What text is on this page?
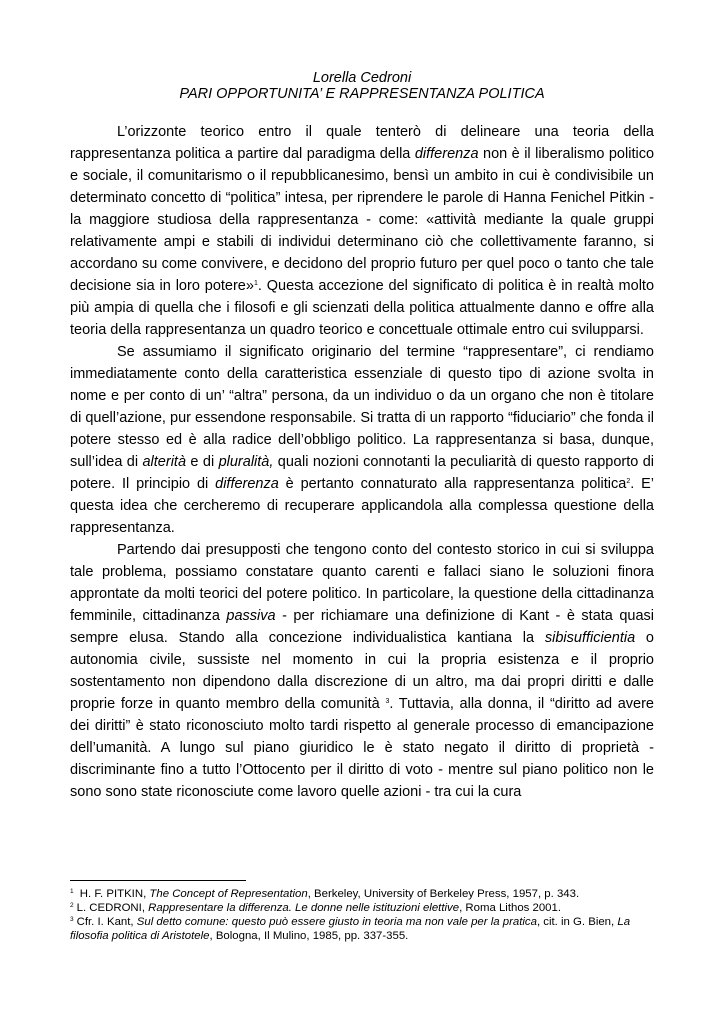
Lorella Cedroni
PARI OPPORTUNITA’ E RAPPRESENTANZA POLITICA

L’orizzonte teorico entro il quale tenterò di delineare una teoria della rappresentanza politica a partire dal paradigma della differenza non è il liberalismo politico e sociale, il comunitarismo o il repubblicanesimo, bensì un ambito in cui è condivisibile un determinato concetto di “politica” intesa, per riprendere le parole di Hanna Fenichel Pitkin - la maggiore studiosa della rappresentanza - come: «attività mediante la quale gruppi relativamente ampi e stabili di individui determinano ciò che collettivamente faranno, si accordano su come convivere, e decidono del proprio futuro per quel poco o tanto che tale decisione sia in loro potere»$^1$. Questa accezione del significato di politica è in realtà molto più ampia di quella che i filosofi e gli scienzati della politica attualmente danno e offre alla teoria della rappresentanza un quadro teorico e concettuale ottimale entro cui svilupparsi.

Se assumiamo il significato originario del termine “rappresentare”, ci rendiamo immediatamente conto della caratteristica essenziale di questo tipo di azione svolta in nome e per conto di un’ “altra” persona, da un individuo o da un organo che non è titolare di quell’azione, pur essendone responsabile. Si tratta di un rapporto “fiduciario” che fonda il potere stesso ed è alla radice dell’obbligo politico. La rappresentanza si basa, dunque, sull’idea di alterità e di pluralità, quali nozioni connotanti la peculiarità di questo rapporto di potere. Il principio di differenza è pertanto connaturato alla rappresentanza politica$^2$. E’ questa idea che cercheremo di recuperare applicandola alla complessa questione della rappresentanza.

Partendo dai presupposti che tengono conto del contesto storico in cui si sviluppa tale problema, possiamo constatare quanto carenti e fallaci siano le soluzioni finora approntate da molti teorici del potere politico. In particolare, la questione della cittadinanza femminile, cittadinanza passiva - per richiamare una definizione di Kant - è stata quasi sempre elusa. Stando alla concezione individualistica kantiana la sibisufficientia o autonomia civile, sussiste nel momento in cui la propria esistenza e il proprio sostentamento non dipendono dalla discrezione di un altro, ma dai propri diritti e dalle proprie forze in quanto membro della comunità $^3$. Tuttavia, alla donna, il “diritto ad avere dei diritti” è stato riconosciuto molto tardi rispetto al generale processo di emancipazione dell’umanità. A lungo sul piano giuridico le è stato negato il diritto di proprietà - discriminante fino a tutto l’Ottocento per il diritto di voto - mentre sul piano politico non le sono sono state riconosciute come lavoro quelle azioni - tra cui la cura

$^1$ H. F. PITKIN, The Concept of Representation, Berkeley, University of Berkeley Press, 1957, p. 343.
$^2$ L. CEDRONI, Rappresentare la differenza. Le donne nelle istituzioni elettive, Roma Lithos 2001.
$^3$ Cfr. I. Kant, Sul detto comune: questo può essere giusto in teoria ma non vale per la pratica, cit. in G. Bien, La filosofia politica di Aristotele, Bologna, Il Mulino, 1985, pp. 337-355.
